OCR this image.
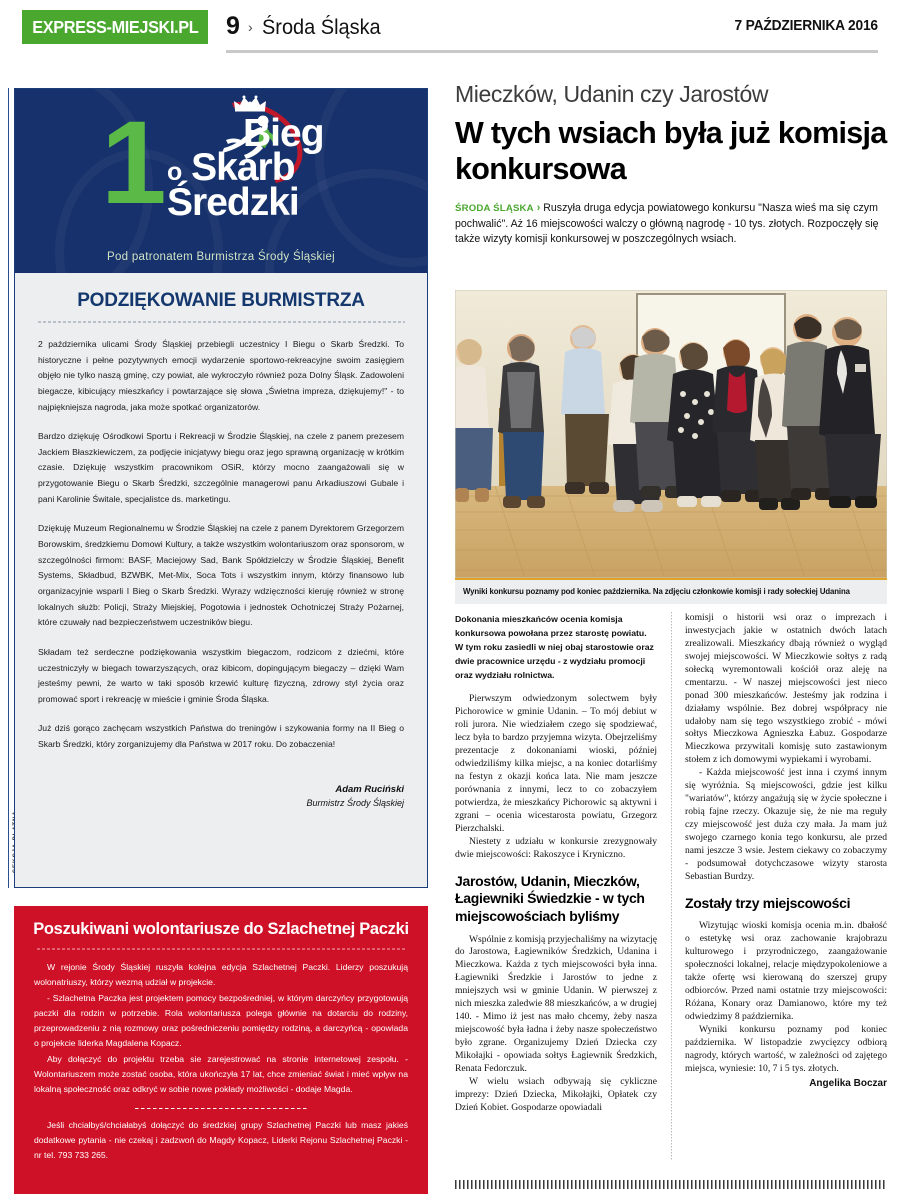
EXPRESS-MIEJSKI.PL 9 › Środa Śląska	7 PAŹDZIERNIKA 2016
1 Bieg
o Skarb
Średzki
Pod patronatem Burmistrza Środy Śląskiej
PODZIĘKOWANIE BURMISTRZA

2 października ulicami Środy Śląskiej przebiegli uczestnicy I Biegu o Skarb Średzki. To historyczne i pełne pozytywnych emocji wydarzenie sportowo-rekreacyjne swoim zasięgiem objęło nie tylko naszą gminę, czy powiat, ale wykroczyło również poza Dolny Śląsk. Zadowoleni biegacze, kibicujący mieszkańcy i powtarzające się słowa „Świetna impreza, dziękujemy!" - to najpiękniejsza nagroda, jaka może spotkać organizatorów.

Bardzo dziękuję Ośrodkowi Sportu i Rekreacji w Środzie Śląskiej, na czele z panem prezesem Jackiem Błaszkiewiczem, za podjęcie inicjatywy biegu oraz jego sprawną organizację w krótkim czasie. Dziękuję wszystkim pracownikom OSiR, którzy mocno zaangażowali się w przygotowanie Biegu o Skarb Średzki, szczególnie managerowi panu Arkadiuszowi Gubale i pani Karolinie Świtale, specjalistce ds. marketingu.

Dziękuję Muzeum Regionalnemu w Środzie Śląskiej na czele z panem Dyrektorem Grzegorzem Borowskim, średzkiemu Domowi Kultury, a także wszystkim wolontariuszom oraz sponsorom, w szczególności firmom: BASF, Maciejowy Sad, Bank Spółdzielczy w Środzie Śląskiej, Benefit Systems, Składbud, BZWBK, Met-Mix, Soca Tots i wszystkim innym, którzy finansowo lub organizacyjnie wsparli I Bieg o Skarb Średzki. Wyrazy wdzięczności kieruję również w stronę lokalnych służb: Policji, Straży Miejskiej, Pogotowia i jednostek Ochotniczej Straży Pożarnej, które czuwały nad bezpieczeństwem uczestników biegu.

Składam też serdeczne podziękowania wszystkim biegaczom, rodzicom z dziećmi, które uczestniczyły w biegach towarzyszących, oraz kibicom, dopingującym biegaczy – dzięki Wam jesteśmy pewni, że warto w taki sposób krzewić kulturę fizyczną, zdrowy styl życia oraz promować sport i rekreację w mieście i gminie Środa Śląska.

Już dziś gorąco zachęcam wszystkich Państwa do treningów i szykowania formy na II Bieg o Skarb Średzki, który zorganizujemy dla Państwa w 2017 roku. Do zobaczenia!

Adam Ruciński
Burmistrz Środy Śląskiej
Poszukiwani wolontariusze do Szlachetnej Paczki

W rejonie Środy Śląskiej ruszyła kolejna edycja Szlachetnej Paczki. Liderzy poszukują wolonatriuszy, którzy wezmą udział w projekcie.

- Szlachetna Paczka jest projektem pomocy bezpośredniej, w którym darczyńcy przygotowują paczki dla rodzin w potrzebie. Rola wolontariusza polega głównie na dotarciu do rodziny, przeprowadzeniu z nią rozmowy oraz pośredniczeniu pomiędzy rodziną, a darczyńcą - opowiada o projekcie liderka Magdalena Kopacz.

Aby dołączyć do projektu trzeba sie zarejestrować na stronie internetowej zespołu. - Wolontariuszem może zostać osoba, która ukończyła 17 lat, chce zmieniać świat i mieć wpływ na lokalną społeczność oraz odkryć w sobie nowe pokłady możliwości - dodaje Magda.

Jeśli chciałbyś/chciałabyś dołączyć do średzkiej grupy Szlachetnej Paczki lub masz jakieś dodatkowe pytania - nie czekaj i zadzwoń do Magdy Kopacz, Liderki Rejonu Szlachetnej Paczki - nr tel. 793 733 265.

Mieczków, Udanin czy Jarostów
W tych wsiach była już komisja konkursowa

ŚRODA ŚLĄSKA › Ruszyła druga edycja powiatowego konkursu "Nasza wieś ma się czym pochwalić". Aż 16 miejscowości walczy o główną nagrodę - 10 tys. złotych. Rozpoczęły się także wizyty komisji konkursowej w poszczególnych wsiach.

Wyniki konkursu poznamy pod koniec października. Na zdjęciu członkowie komisji i rady sołeckiej Udanina

Dokonania mieszkańców ocenia komisja konkursowa powołana przez starostę powiatu. W tym roku zasiedli w niej obaj starostowie oraz dwie pracownice urzędu - z wydziału promocji oraz wydziału rolnictwa.

Pierwszym odwiedzonym solectwem były Pichorowice w gminie Udanin. – To mój debiut w roli jurora. Nie wiedziałem czego się spodziewać, lecz była to bardzo przyjemna wizyta. Obejrzeliśmy prezentacje z dokonaniami wioski, później odwiedziliśmy kilka miejsc, a na koniec dotarliśmy na festyn z okazji końca lata. Nie mam jeszcze porównania z innymi, lecz to co zobaczyłem potwierdza, że mieszkańcy Pichorowic są aktywni i zgrani – ocenia wicestarosta powiatu, Grzegorz Pierzchalski.

Niestety z udziału w konkursie zrezygnowały dwie miejscowości: Rakoszyce i Kryniczno.

Jarostów, Udanin, Mieczków, Łagiewniki Świedzkie - w tych miejscowościach byliśmy

Wspólnie z komisją przyjechaliśmy na wizytację do Jarostowa, Łagiewników Średzkich, Udanina i Mieczkowa. Każda z tych miejscowości była inna. Łagiewniki Średzkie i Jarostów to jedne z mniejszych wsi w gminie Udanin. W pierwszej z nich mieszka zaledwie 88 mieszkańców, a w drugiej 140. - Mimo iż jest nas mało chcemy, żeby nasza miejscowość była ładna i żeby nasze społeczeństwo było zgrane. Organizujemy Dzień Dziecka czy Mikołajki - opowiada sołtys Łagiewnik Średzkich, Renata Fedorczuk.

W wielu wsiach odbywają się cykliczne imprezy: Dzień Dziecka, Mikołajki, Opłatek czy Dzień Kobiet. Gospodarze opowiadali

komisji o historii wsi oraz o imprezach i inwestycjach jakie w ostatnich dwóch latach zrealizowali. Mieszkańcy dbają również o wygląd swojej miejscowości. W Mieczkowie sołtys z radą sołecką wyremontowali kościół oraz aleję na cmentarzu. - W naszej miejscowości jest nieco ponad 300 mieszkańców. Jesteśmy jak rodzina i działamy wspólnie. Bez dobrej współpracy nie udałoby nam się tego wszystkiego zrobić - mówi sołtys Mieczkowa Agnieszka Łabuz. Gospodarze Mieczkowa przywitali komisję suto zastawionym stołem z ich domowymi wypiekami i wyrobami.

- Każda miejscowość jest inna i czymś innym się wyróżnia. Są miejscowości, gdzie jest kilku "wariatów", którzy angażują się w życie społeczne i robią fajne rzeczy. Okazuje się, że nie ma reguły czy miejscowość jest duża czy mała. Ja mam już swojego czarnego konia tego konkursu, ale przed nami jeszcze 3 wsie. Jestem ciekawy co zobaczymy - podsumował dotychczasowe wizyty starosta Sebastian Burdzy.

Zostały trzy miejscowości

Wizytując wioski komisja ocenia m.in. dbałość o estetykę wsi oraz zachowanie krajobrazu kulturowego i przyrodniczego, zaangażowanie społeczności lokalnej, relacje międzypokoleniowe a także ofertę wsi kierowaną do szerszej grupy odbiorców. Przed nami ostatnie trzy miejscowości: Różana, Konary oraz Damianowo, które my też odwiedzimy 8 października.

Wyniki konkursu poznamy pod koniec października. W listopadzie zwycięzcy odbiorą nagrody, których wartość, w zależności od zajętego miejsca, wyniesie: 10, 7 i 5 tys. złotych.

Angelika Boczar
